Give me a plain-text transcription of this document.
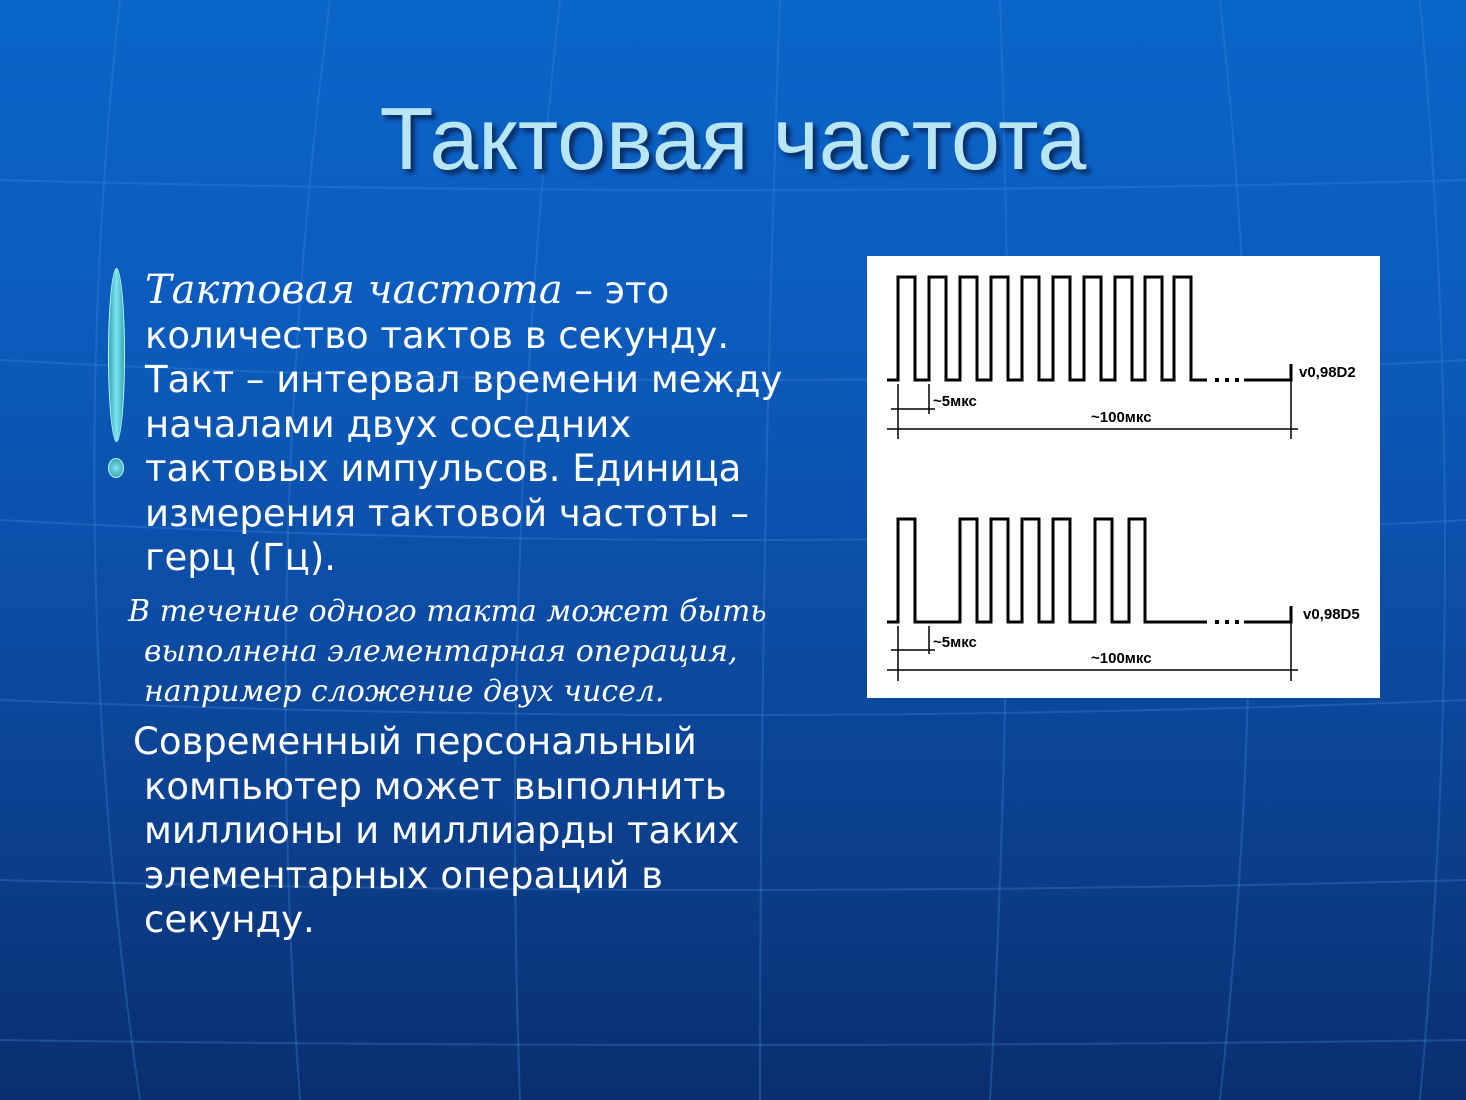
Тактовая частота
Тактовая частота – это
количество тактов в секунду.
Такт – интервал времени между
началами двух соседних
тактовых импульсов. Единица
измерения тактовой частоты –
герц (Гц).
В течение одного такта может быть
выполнена элементарная операция,
например сложение двух чисел.
Современный персональный
компьютер может выполнить
миллионы и миллиарды таких
элементарных операций в
секунду.
~5мкс
~100мкс
v0,98D2
~5мкс
~100мкс
v0,98D5
